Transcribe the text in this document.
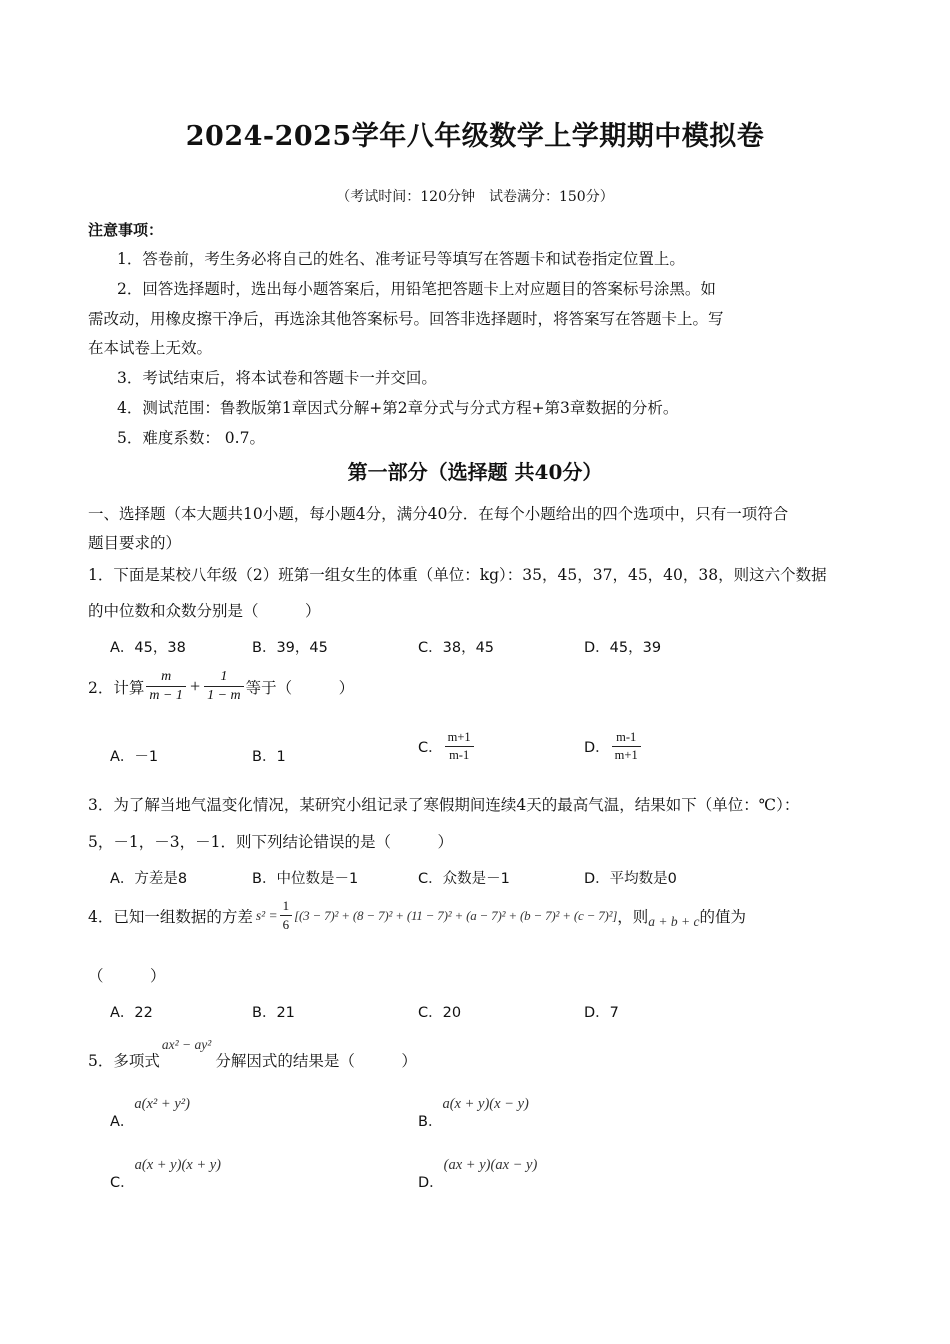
2024-2025学年八年级数学上学期期中模拟卷
（考试时间：120分钟　试卷满分：150分）
注意事项：
1．答卷前，考生务必将自己的姓名、准考证号等填写在答题卡和试卷指定位置上。
2．回答选择题时，选出每小题答案后，用铅笔把答题卡上对应题目的答案标号涂黑。如
需改动，用橡皮擦干净后，再选涂其他答案标号。回答非选择题时，将答案写在答题卡上。写
在本试卷上无效。
3．考试结束后，将本试卷和答题卡一并交回。
4．测试范围：鲁教版第1章因式分解+第2章分式与分式方程+第3章数据的分析。
5．难度系数： 0.7。
第一部分（选择题 共40分）
一、选择题（本大题共10小题，每小题4分，满分40分．在每个小题给出的四个选项中，只有一项符合
题目要求的）
1．下面是某校八年级（2）班第一组女生的体重（单位：kg）：35，45，37，45，40，38，则这六个数据
的中位数和众数分别是（　　　）
A．45，38	B．39，45	C．38，45	D．45，39
2．计算 $\frac{m}{m - 1} + \frac{1}{1 - m}$ 等于（　　　）
A．－1	B．1
C． $\frac{m+1}{m-1}$	D． $\frac{m-1}{m+1}$
3．为了解当地气温变化情况，某研究小组记录了寒假期间连续4天的最高气温，结果如下（单位：℃）：
5，－1，－3，－1．则下列结论错误的是（　　　）
A．方差是8	B．中位数是－1	C．众数是－1	D．平均数是0
4．已知一组数据的方差 $s^2 = \frac{1}{6} [(3 - 7)^2 + (8 - 7)^2 + (11 - 7)^2 + (a - 7)^2 + (b - 7)^2 + (c - 7)^2]$ ，则 a + b + c 的值为
（　　　）
A．22	B．21	C．20	D．7
5．多项式
ax² − ay²
分解因式的结果是（　　　）
A．
a(x² + y²)
B．
a(x + y)(x − y)
C．
a(x + y)(x + y)
D．
(ax + y)(ax − y)
